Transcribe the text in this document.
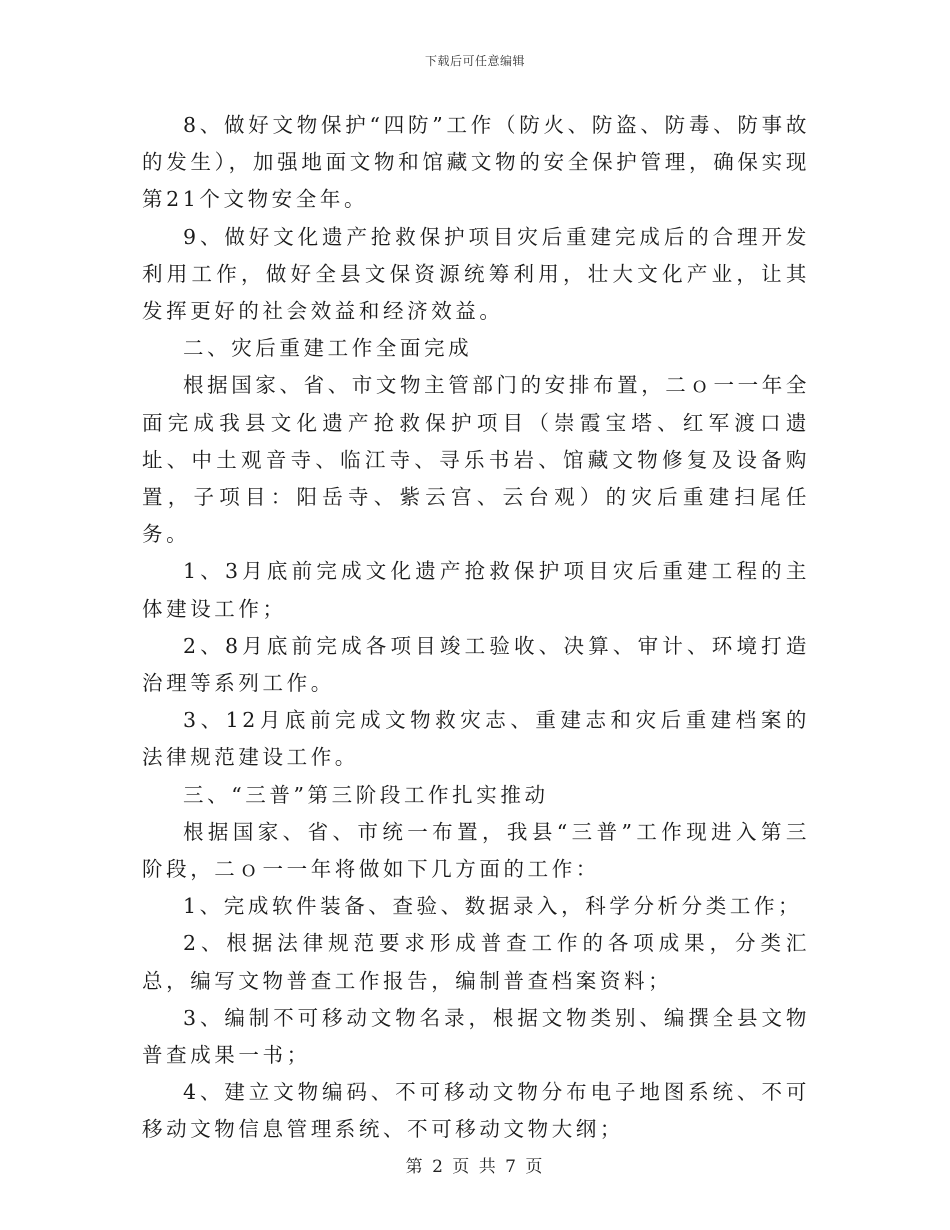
下载后可任意编辑

8、做好文物保护“四防”工作（防火、防盗、防毒、防事故的发生），加强地面文物和馆藏文物的安全保护管理，确保实现第21个文物安全年。

9、做好文化遗产抢救保护项目灾后重建完成后的合理开发利用工作，做好全县文保资源统筹利用，壮大文化产业，让其发挥更好的社会效益和经济效益。

二、灾后重建工作全面完成

根据国家、省、市文物主管部门的安排布置，二ｏ一一年全面完成我县文化遗产抢救保护项目（崇霞宝塔、红军渡口遗址、中土观音寺、临江寺、寻乐书岩、馆藏文物修复及设备购置，子项目：阳岳寺、紫云宫、云台观）的灾后重建扫尾任务。

1、3月底前完成文化遗产抢救保护项目灾后重建工程的主体建设工作；

2、8月底前完成各项目竣工验收、决算、审计、环境打造治理等系列工作。

3、12月底前完成文物救灾志、重建志和灾后重建档案的法律规范建设工作。

三、“三普”第三阶段工作扎实推动

根据国家、省、市统一布置，我县“三普”工作现进入第三阶段，二ｏ一一年将做如下几方面的工作：

1、完成软件装备、查验、数据录入，科学分析分类工作；

2、根据法律规范要求形成普查工作的各项成果，分类汇总，编写文物普查工作报告，编制普查档案资料；

3、编制不可移动文物名录，根据文物类别、编撰全县文物普查成果一书；

4、建立文物编码、不可移动文物分布电子地图系统、不可移动文物信息管理系统、不可移动文物大纲；

第 2 页 共 7 页
